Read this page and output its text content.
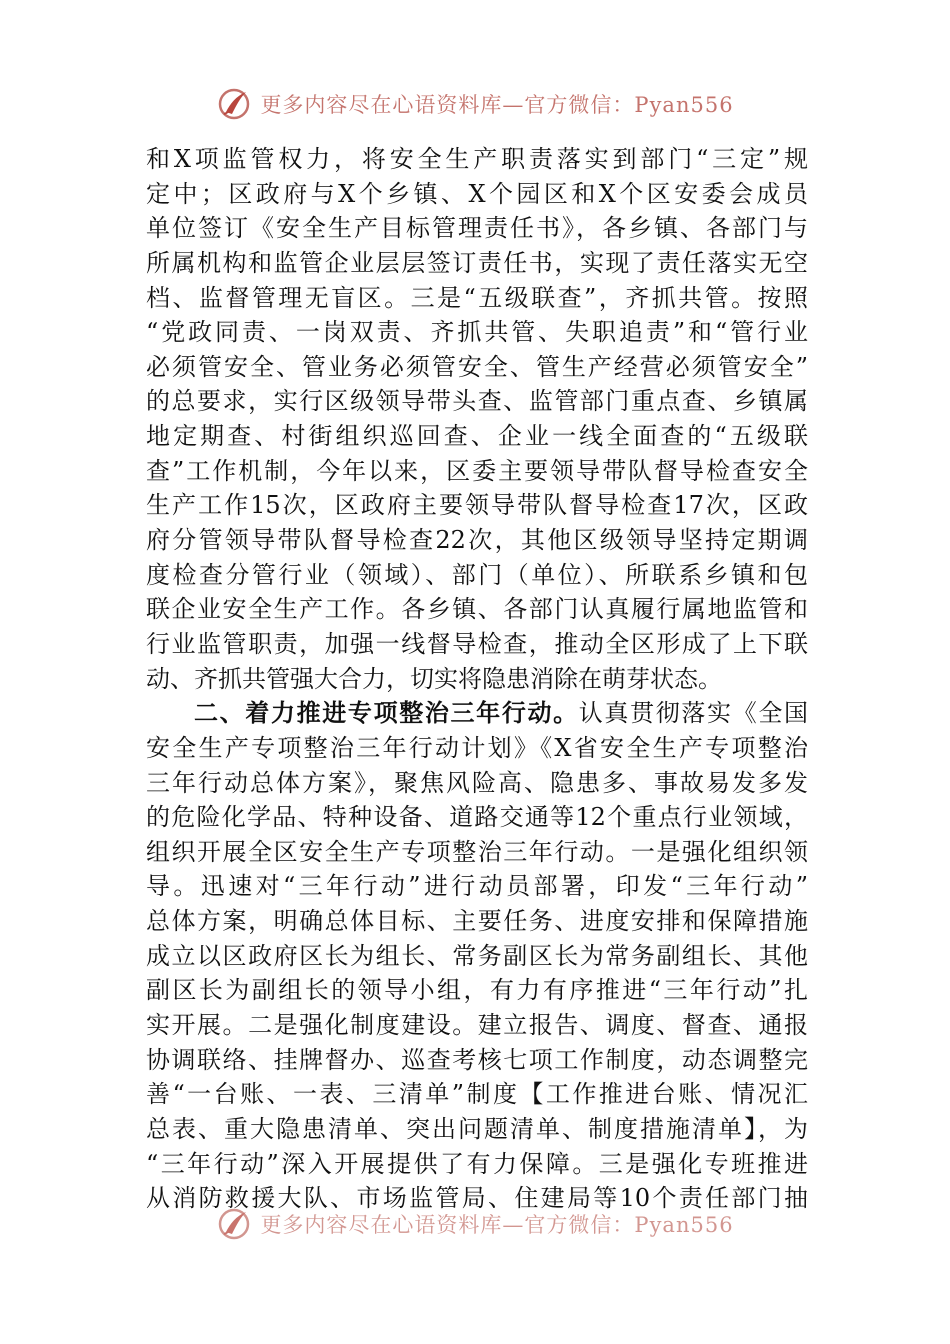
更多内容尽在心语资料库—官方微信：Pyan556
和X项监管权力，将安全生产职责落实到部门“三定”规
定中；区政府与X个乡镇、X个园区和X个区安委会成员
单位签订《安全生产目标管理责任书》，各乡镇、各部门与
所属机构和监管企业层层签订责任书，实现了责任落实无空
档、监督管理无盲区。三是“五级联查”，齐抓共管。按照
“党政同责、一岗双责、齐抓共管、失职追责”和“管行业
必须管安全、管业务必须管安全、管生产经营必须管安全”
的总要求，实行区级领导带头查、监管部门重点查、乡镇属
地定期查、村街组织巡回查、企业一线全面查的“五级联
查”工作机制，今年以来，区委主要领导带队督导检查安全
生产工作15次，区政府主要领导带队督导检查17次，区政
府分管领导带队督导检查22次，其他区级领导坚持定期调
度检查分管行业（领域）、部门（单位）、所联系乡镇和包
联企业安全生产工作。各乡镇、各部门认真履行属地监管和
行业监管职责，加强一线督导检查，推动全区形成了上下联
动、齐抓共管强大合力，切实将隐患消除在萌芽状态。
二、着力推进专项整治三年行动。认真贯彻落实《全国
安全生产专项整治三年行动计划》《X省安全生产专项整治
三年行动总体方案》，聚焦风险高、隐患多、事故易发多发
的危险化学品、特种设备、道路交通等12个重点行业领域，
组织开展全区安全生产专项整治三年行动。一是强化组织领
导。迅速对“三年行动”进行动员部署，印发“三年行动”
总体方案，明确总体目标、主要任务、进度安排和保障措施
成立以区政府区长为组长、常务副区长为常务副组长、其他
副区长为副组长的领导小组，有力有序推进“三年行动”扎
实开展。二是强化制度建设。建立报告、调度、督查、通报
协调联络、挂牌督办、巡查考核七项工作制度，动态调整完
善“一台账、一表、三清单”制度【工作推进台账、情况汇
总表、重大隐患清单、突出问题清单、制度措施清单】，为
“三年行动”深入开展提供了有力保障。三是强化专班推进
从消防救援大队、市场监管局、住建局等10个责任部门抽
更多内容尽在心语资料库—官方微信：Pyan556
